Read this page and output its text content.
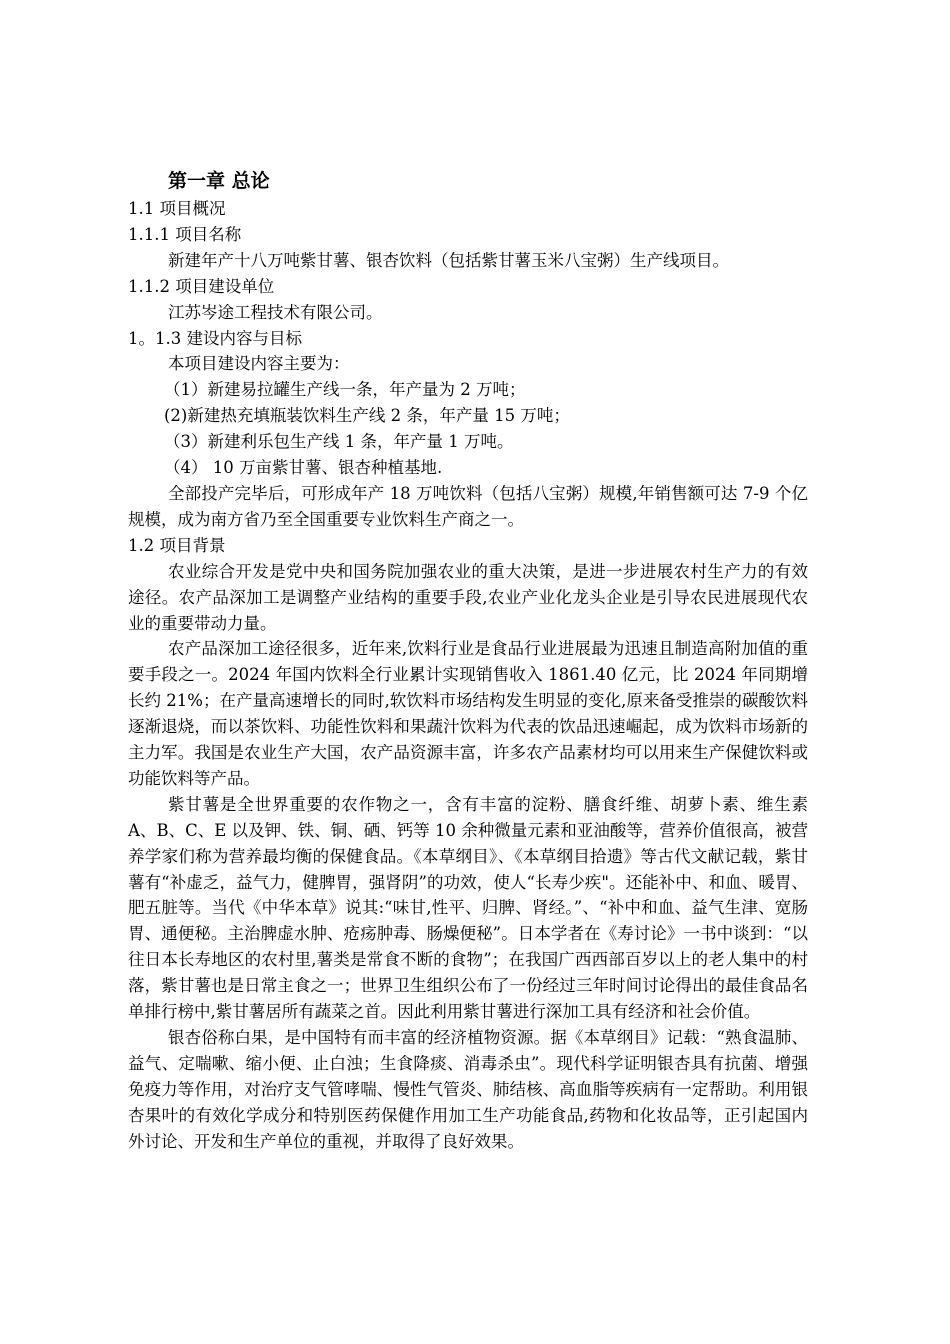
第一章 总论
1.1 项目概况
1.1.1 项目名称
新建年产十八万吨紫甘薯、银杏饮料（包括紫甘薯玉米八宝粥）生产线项目。
1.1.2 项目建设单位
江苏岑途工程技术有限公司。
1。1.3 建设内容与目标
本项目建设内容主要为：
（1）新建易拉罐生产线一条，年产量为 2 万吨；
(2)新建热充填瓶装饮料生产线 2 条，年产量 15 万吨；
（3）新建利乐包生产线 1 条，年产量 1 万吨。
（4） 10 万亩紫甘薯、银杏种植基地.
全部投产完毕后，可形成年产 18 万吨饮料（包括八宝粥）规模,年销售额可达 7-9 个亿规模，成为南方省乃至全国重要专业饮料生产商之一。
1.2 项目背景
农业综合开发是党中央和国务院加强农业的重大决策，是进一步进展农村生产力的有效途径。农产品深加工是调整产业结构的重要手段,农业产业化龙头企业是引导农民进展现代农业的重要带动力量。
农产品深加工途径很多，近年来,饮料行业是食品行业进展最为迅速且制造高附加值的重要手段之一。2024 年国内饮料全行业累计实现销售收入 1861.40 亿元，比 2024 年同期增长约 21%；在产量高速增长的同时,软饮料市场结构发生明显的变化,原来备受推崇的碳酸饮料逐渐退烧，而以茶饮料、功能性饮料和果蔬汁饮料为代表的饮品迅速崛起，成为饮料市场新的主力军。我国是农业生产大国，农产品资源丰富，许多农产品素材均可以用来生产保健饮料或功能饮料等产品。
紫甘薯是全世界重要的农作物之一，含有丰富的淀粉、膳食纤维、胡萝卜素、维生素 A、B、C、E 以及钾、铁、铜、硒、钙等 10 余种微量元素和亚油酸等，营养价值很高，被营养学家们称为营养最均衡的保健食品。《本草纲目》、《本草纲目拾遗》等古代文献记载，紫甘薯有“补虚乏，益气力，健脾胃，强肾阴”的功效，使人“长寿少疾"。还能补中、和血、暖胃、肥五脏等。当代《中华本草》说其:“味甘,性平、归脾、肾经。”、“补中和血、益气生津、宽肠胃、通便秘。主治脾虚水肿、疮疡肿毒、肠燥便秘”。日本学者在《寿讨论》一书中谈到：“以往日本长寿地区的农村里,薯类是常食不断的食物”；在我国广西西部百岁以上的老人集中的村落，紫甘薯也是日常主食之一；世界卫生组织公布了一份经过三年时间讨论得出的最佳食品名单排行榜中,紫甘薯居所有蔬菜之首。因此利用紫甘薯进行深加工具有经济和社会价值。
银杏俗称白果，是中国特有而丰富的经济植物资源。据《本草纲目》记载：“熟食温肺、益气、定喘嗽、缩小便、止白浊；生食降痰、消毒杀虫”。现代科学证明银杏具有抗菌、增强免疫力等作用，对治疗支气管哮喘、慢性气管炎、肺结核、高血脂等疾病有一定帮助。利用银杏果叶的有效化学成分和特别医药保健作用加工生产功能食品,药物和化妆品等，正引起国内外讨论、开发和生产单位的重视，并取得了良好效果。
